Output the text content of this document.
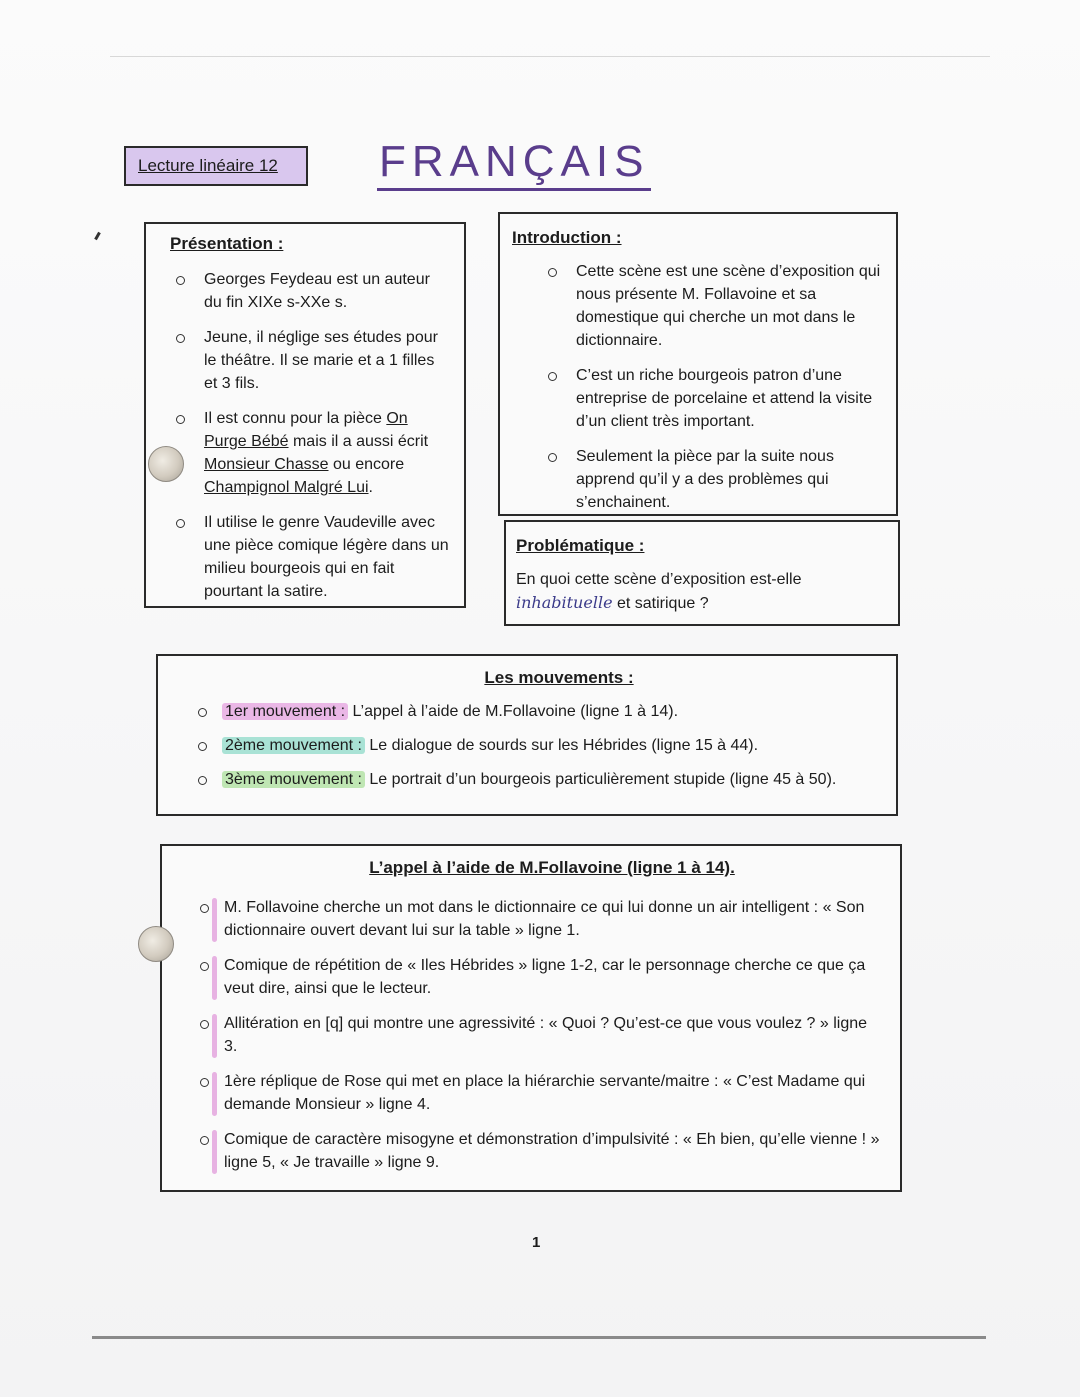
Lecture linéaire 12	FRANÇAIS
Présentation :
Georges Feydeau est un auteur du fin XIXe s-XXe s.
Jeune, il néglige ses études pour le théâtre. Il se marie et a 1 filles et 3 fils.
Il est connu pour la pièce On Purge Bébé mais il a aussi écrit Monsieur Chasse ou encore Champignol Malgré Lui.
Il utilise le genre Vaudeville avec une pièce comique légère dans un milieu bourgeois qui en fait pourtant la satire.
Introduction :
Cette scène est une scène d’exposition qui nous présente M. Follavoine et sa domestique qui cherche un mot dans le dictionnaire.
C’est un riche bourgeois patron d’une entreprise de porcelaine et attend la visite d’un client très important.
Seulement la pièce par la suite nous apprend qu’il y a des problèmes qui s’enchainent.
Problématique :

En quoi cette scène d’exposition est-elle
inhabituelle et satirique ?

Les mouvements :
1er mouvement : L’appel à l’aide de M.Follavoine (ligne 1 à 14).
2ème mouvement : Le dialogue de sourds sur les Hébrides (ligne 15 à 44).
3ème mouvement : Le portrait d’un bourgeois particulièrement stupide (ligne 45 à 50).
L’appel à l’aide de M.Follavoine (ligne 1 à 14).
M. Follavoine cherche un mot dans le dictionnaire ce qui lui donne un air intelligent : « Son dictionnaire ouvert devant lui sur la table » ligne 1.
Comique de répétition de « Iles Hébrides » ligne 1-2, car le personnage cherche ce que ça veut dire, ainsi que le lecteur.
Allitération en [q] qui montre une agressivité : « Quoi ? Qu’est-ce que vous voulez ? » ligne 3.
1ère réplique de Rose qui met en place la hiérarchie servante/maitre : « C’est Madame qui demande Monsieur » ligne 4.
Comique de caractère misogyne et démonstration d’impulsivité : « Eh bien, qu’elle vienne ! » ligne 5, « Je travaille » ligne 9.
1
